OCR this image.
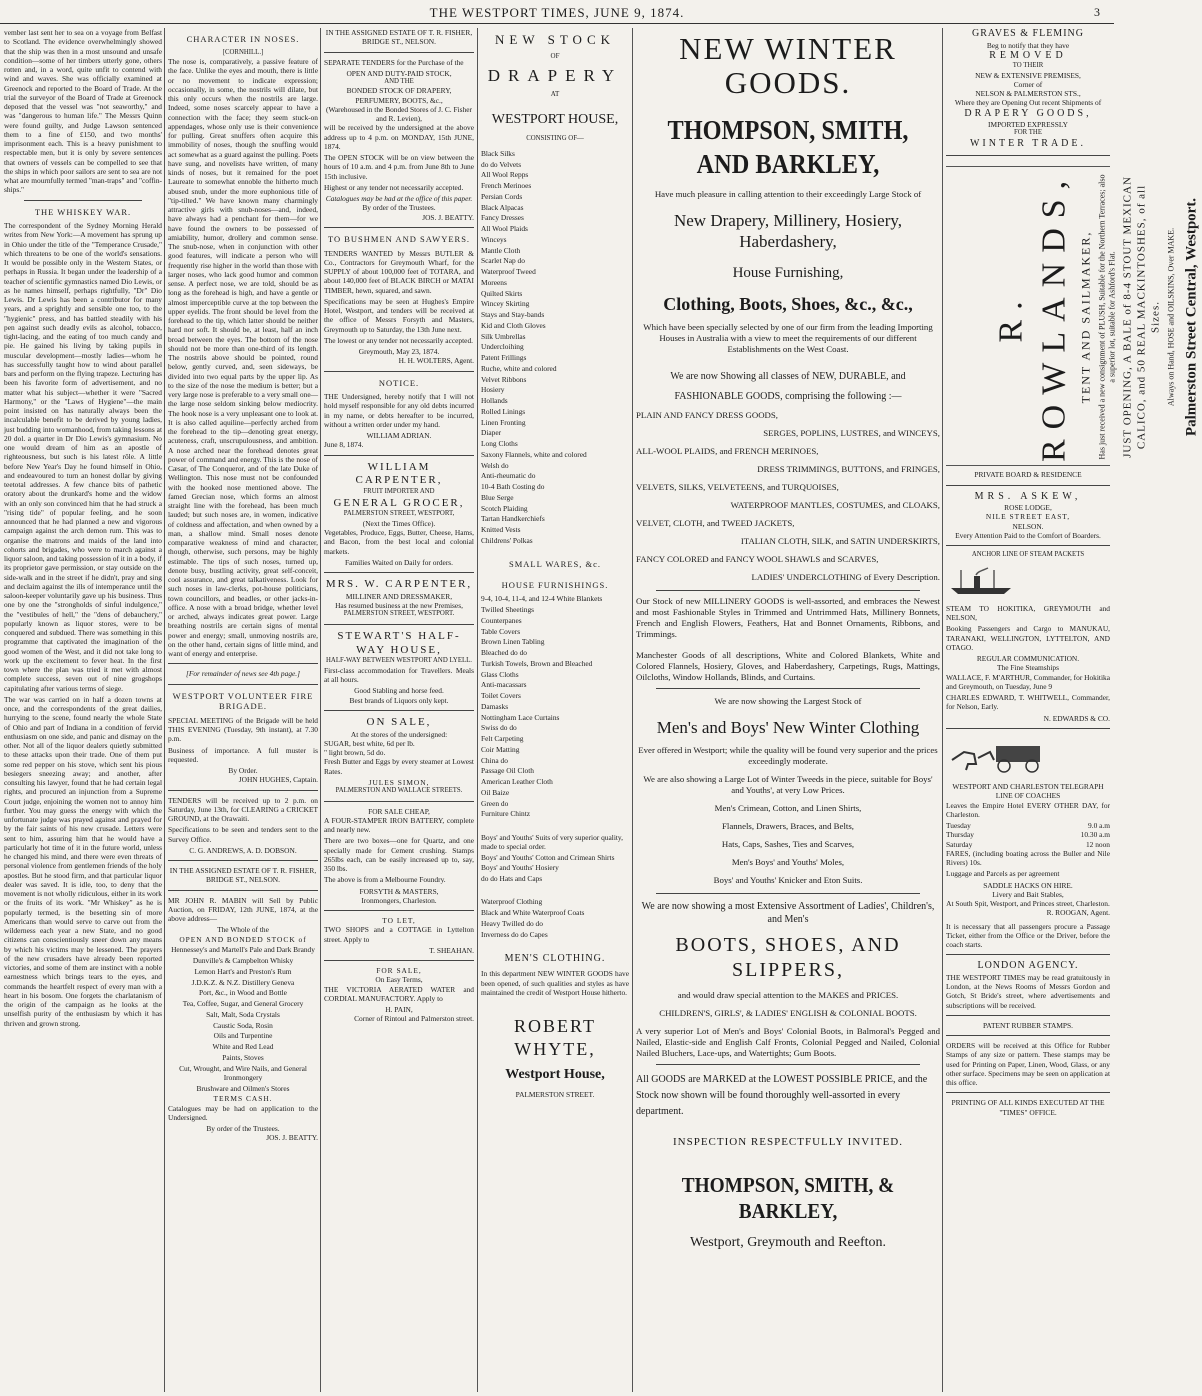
THE WESTPORT TIMES, JUNE 9, 1874.	3

vember last sent her to sea on a voyage from Belfast to Scotland. The evidence overwhelmingly showed that the ship was then in a most unsound and unsafe condition—some of her timbers utterly gone, others rotten and, in a word, quite unfit to contend with wind and waves. She was officially examined at Greenock and reported to the Board of Trade. At the trial the surveyor of the Board of Trade at Greenock deposed that the vessel was "not seaworthy," and was "dangerous to human life." The Messrs Quinn were found guilty, and Judge Lawson sentenced them to a fine of £150, and two months' imprisonment each. This is a heavy punishment to respectable men, but it is only by severe sentences that owners of vessels can be compelled to see that the ships in which poor sailors are sent to sea are not what are mournfully termed "man-traps" and "coffin-ships."

THE WHISKEY WAR.

The correspondent of the Sydney Morning Herald writes from New York:—A movement has sprung up in Ohio under the title of the "Temperance Crusade," which threatens to be one of the world's sensations. It would be possible only in the Western States, or perhaps in Russia. It began under the leadership of a teacher of scientific gymnastics named Dio Lewis, or as he names himself, perhaps rightfully, "Dr" Dio Lewis. Dr Lewis has been a contributor for many years, and a sprightly and sensible one too, to the "hygienic" press, and has battled steadily with his pen against such deadly evils as alcohol, tobacco, tight-lacing, and the eating of too much candy and pie. He gained his living by taking pupils in muscular development—mostly ladies—whom he has successfully taught how to wind about parallel bars and perform on the flying trapeze. Lecturing has been his favorite form of advertisement, and no matter what his subject—whether it were "Sacred Harmony," or the "Laws of Hygiene"—the main point insisted on has naturally always been the incalculable benefit to be derived by young ladies, just budding into womanhood, from taking lessons at 20 dol. a quarter in Dr Dio Lewis's gymnasium. No one would dream of him as an apostle of righteousness, but such is his latest rôle. A little before New Year's Day he found himself in Ohio, and endeavoured to turn an honest dollar by giving teetotal addresses. A few chance bits of pathetic oratory about the drunkard's home and the widow with an only son convinced him that he had struck a "rising tide" of popular feeling, and he soon announced that he had planned a new and vigorous campaign against the arch demon rum. This was to organise the matrons and maids of the land into cohorts and brigades, who were to march against a liquor saloon, and taking possession of it in a body, if its proprietor gave permission, or stay outside on the side-walk and in the street if he didn't, pray and sing and declaim against the ills of intemperance until the saloon-keeper voluntarily gave up his business. Thus one by one the "strongholds of sinful indulgence," the "vestibules of hell," the "dens of debauchery," popularly known as liquor stores, were to be conquered and subdued. There was something in this programme that captivated the imagination of the good women of the West, and it did not take long to work up the excitement to fever heat. In the first town where the plan was tried it met with almost complete success, seven out of nine grogshops capitulating after various terms of siege.

The war was carried on in half a dozen towns at once, and the correspondents of the great dailies, hurrying to the scene, found nearly the whole State of Ohio and part of Indiana in a condition of fervid enthusiasm on one side, and panic and dismay on the other. Not all of the liquor dealers quietly submitted to these attacks upon their trade. One of them put some red pepper on his stove, which sent his pious besiegers sneezing away; and another, after consulting his lawyer, found that he had certain legal rights, and procured an injunction from a Supreme Court judge, enjoining the women not to annoy him further. You may guess the energy with which the unfortunate judge was prayed against and prayed for by the fair saints of his new crusade. Letters were sent to him, assuring him that he would have a particularly hot time of it in the future world, unless he changed his mind, and there were even threats of personal violence from gentlemen friends of the holy apostles. But he stood firm, and that particular liquor dealer was saved. It is idle, too, to deny that the movement is not wholly ridiculous, either in its work or the fruits of its work. "Mr Whiskey" as he is popularly termed, is the besetting sin of more Americans than would serve to carve out from the wilderness each year a new State, and no good citizens can conscientiously sneer down any means by which his victims may be lessened. The prayers of the new crusaders have already been reported victories, and some of them are instinct with a noble earnestness which brings tears to the eyes, and commands the heartfelt respect of every man with a heart in his bosom. One forgets the charlatanism of the origin of the campaign as he looks at the unselfish purity of the enthusiasm by which it has thriven and grown strong.

CHARACTER IN NOSES.
[CORNHILL.]

The nose is, comparatively, a passive feature of the face. Unlike the eyes and mouth, there is little or no movement to indicate expression; occasionally, in some, the nostrils will dilate, but this only occurs when the nostrils are large. Indeed, some noses scarcely appear to have a connection with the face; they seem stuck-on appendages, whose only use is their convenience for pulling. Great snuffers often acquire this immobility of noses, though the snuffing would act somewhat as a guard against the pulling. Poets have sung, and novelists have written, of many kinds of noses, but it remained for the poet Laureate to somewhat ennoble the hitherto much abused snub, under the more euphonious title of "tip-tilted." We have known many charmingly attractive girls with snub-noses—and, indeed, have always had a penchant for them—for we have found the owners to be possessed of amiability, humor, drollery and common sense. The snub-nose, when in conjunction with other good features, will indicate a person who will frequently rise higher in the world than those with larger noses, who lack good humor and common sense. A perfect nose, we are told, should be as long as the forehead is high, and have a gentle or almost imperceptible curve at the top between the upper eyelids. The front should be level from the forehead to the tip, which latter should be neither hard nor soft. It should be, at least, half an inch broad between the eyes. The bottom of the nose should not be more than one-third of its length. The nostrils above should be pointed, round below, gently curved, and, seen sideways, be divided into two equal parts by the upper lip. As to the size of the nose the medium is better; but a very large nose is preferable to a very small one—the large nose seldom sinking below mediocrity. The hook nose is a very unpleasant one to look at. It is also called aquiline—perfectly arched from the forehead to the tip—denoting great energy, acuteness, craft, unscrupulousness, and ambition. A nose arched near the forehead denotes great power of command and energy. This is the nose of Cæsar, of The Conqueror, and of the late Duke of Wellington. This nose must not be confounded with the hooked nose mentioned above. The famed Grecian nose, which forms an almost straight line with the forehead, has been much lauded; but such noses are, in women, indicative of coldness and affectation, and when owned by a man, a shallow mind. Small noses denote comparative weakness of mind and character, though, otherwise, such persons, may be highly estimable. The tips of such noses, turned up, denote busy, bustling activity, great self-conceit, cool assurance, and great talkativeness. Look for such noses in law-clerks, pot-house politicians, town councillors, and beadles, or other jacks-in-office. A nose with a broad bridge, whether level or arched, always indicates great power. Large breathing nostrils are certain signs of mental power and energy; small, unmoving nostrils are, on the other hand, certain signs of little mind, and want of energy and enterprise.

[For remainder of news see 4th page.]
WESTPORT VOLUNTEER FIRE BRIGADE.

SPECIAL MEETING of the Brigade will be held THIS EVENING (Tuesday, 9th instant), at 7.30 p.m.

Business of importance. A full muster is requested.

By Order.
JOHN HUGHES, Captain.

TENDERS will be received up to 2 p.m. on Saturday, June 13th, for CLEARING a CRICKET GROUND, at the Orawaiti.

Specifications to be seen and tenders sent to the Survey Office.

C. G. ANDREWS, A. D. DOBSON.
IN THE ASSIGNED ESTATE OF T. R. FISHER, BRIDGE ST., NELSON.

MR JOHN R. MABIN will Sell by Public Auction, on FRIDAY, 12th JUNE, 1874, at the above address—

The Whole of the
OPEN AND BONDED STOCK of
Hennessey's and Martell's Pale and Dark Brandy
Dunville's & Campbelton Whisky
Lemon Hart's and Preston's Rum
J.D.K.Z. & N.Z. Distillery Geneva
Port, &c., in Wood and Bottle
Tea, Coffee, Sugar, and General Grocery
Salt, Malt, Soda Crystals
Caustic Soda, Rosin
Oils and Turpentine
White and Red Lead
Paints, Stoves
Cut, Wrought, and Wire Nails, and General Ironmongery
Brushware and Oilmen's Stores
TERMS CASH.

Catalogues may be had on application to the Undersigned.

By order of the Trustees.
JOS. J. BEATTY.
IN THE ASSIGNED ESTATE OF T. R. FISHER, BRIDGE ST., NELSON.

SEPARATE TENDERS for the Purchase of the

OPEN AND DUTY-PAID STOCK,
AND THE
BONDED STOCK OF DRAPERY, PERFUMERY, BOOTS, &c.,
(Warehoused in the Bonded Stores of J. C. Fisher and R. Levien),

will be received by the undersigned at the above address up to 4 p.m. on MONDAY, 15th JUNE, 1874.

The OPEN STOCK will be on view between the hours of 10 a.m. and 4 p.m. from June 8th to June 15th inclusive.

Highest or any tender not necessarily accepted.

Catalogues may be had at the office of this paper.
By order of the Trustees.
JOS. J. BEATTY.
TO BUSHMEN AND SAWYERS.

TENDERS WANTED by Messrs BUTLER & Co., Contractors for Greymouth Wharf, for the SUPPLY of about 100,000 feet of TOTARA, and about 140,000 feet of BLACK BIRCH or MATAI TIMBER, hewn, squared, and sawn.

Specifications may be seen at Hughes's Empire Hotel, Westport, and tenders will be received at the office of Messrs Forsyth and Masters, Greymouth up to Saturday, the 13th June next.

The lowest or any tender not necessarily accepted.

Greymouth, May 23, 1874.
H. H. WOLTERS, Agent.
NOTICE.

THE Undersigned, hereby notify that I will not hold myself responsible for any old debts incurred in my name, or debts hereafter to be incurred, without a written order under my hand.

WILLIAM ADRIAN.
June 8, 1874.
WILLIAM CARPENTER,
FRUIT IMPORTER AND
GENERAL GROCER,
PALMERSTON STREET, WESTPORT,
(Next the Times Office).

Vegetables, Produce, Eggs, Butter, Cheese, Hams, and Bacon, from the best local and colonial markets.

Families Waited on Daily for orders.
MRS. W. CARPENTER,
MILLINER AND DRESSMAKER,
Has resumed business at the new Premises,
PALMERSTON STREET, WESTPORT.
STEWART'S HALF-WAY HOUSE,
HALF-WAY BETWEEN WESTPORT AND LYELL.

First-class accommodation for Travellers. Meals at all hours.

Good Stabling and horse feed.
Best brands of Liquors only kept.
ON SALE,
At the stores of the undersigned:
SUGAR, best white, 6d per lb.
" light brown, 5d do.

Fresh Butter and Eggs by every steamer at Lowest Rates.

JULES SIMON,
PALMERSTON AND WALLACE STREETS.
FOR SALE CHEAP,

A FOUR-STAMPER IRON BATTERY, complete and nearly new.

There are two boxes—one for Quartz, and one specially made for Cement crushing. Stamps 265lbs each, can be easily increased up to, say, 350 lbs.

The above is from a Melbourne Foundry.

FORSYTH & MASTERS,
Ironmongers, Charleston.
TO LET,

TWO SHOPS and a COTTAGE in Lyttelton street. Apply to

T. SHEAHAN.
FOR SALE,
On Easy Terms,

THE VICTORIA AERATED WATER and CORDIAL MANUFACTORY. Apply to

H. PAIN,
Corner of Rintoul and Palmerston street.
NEW STOCK
OF
DRAPERY
AT
WESTPORT HOUSE,
CONSISTING OF—
Black Silks
do do Velvets
All Wool Repps
French Merinoes
Persian Cords
Black Alpacas
Fancy Dresses
All Wool Plaids
Winceys
Mantle Cloth
Scarlet Nap do
Waterproof Tweed
Moreens
Quilted Skirts
Wincey Skirting
Stays and Stay-bands
Kid and Cloth Gloves
Silk Umbrellas
Undercloihing
Patent Frillings
Ruche, white and colored
Velvet Ribbons
Hosiery
Hollands
Rolled Linings
Linen Fronting
Diaper
Long Cloths
Saxony Flannels, white and colored
Welsh do
Anti-rheumatic do
10-4 Bath Costing do
Blue Serge
Scotch Plaiding
Tartan Handkerchiefs
Knitted Vests
Childrens' Polkas
SMALL WARES, &c.
HOUSE FURNISHINGS.
9-4, 10-4, 11-4, and 12-4 White Blankets
Twilled Sheetings
Counterpanes
Table Covers
Brown Linen Tabling
Bleached do do
Turkish Towels, Brown and Bleached
Glass Cloths
Anti-macassars
Toilet Covers
Damasks
Nottingham Lace Curtains
Swiss do do
Felt Carpeting
Coir Matting
China do
Passage Oil Cloth
American Leather Cloth
Oil Baize
Green do
Furniture Chintz
Boys' and Youths' Suits of very superior quality, made to special order.
Boys' and Youths' Cotton and Crimean Shirts
Boys' and Youths' Hosiery
do do Hats and Caps
Waterproof Clothing
Black and White Waterproof Coats
Heavy Twilled do do
Inverness do do Capes
MEN'S CLOTHING.

In this department NEW WINTER GOODS have been opened, of such qualities and styles as have maintained the credit of Westport House hitherto.

ROBERT WHYTE,
Westport House,
PALMERSTON STREET.
NEW WINTER GOODS.
THOMPSON, SMITH, AND BARKLEY,
Have much pleasure in calling attention to their exceedingly Large Stock of
New Drapery, Millinery, Hosiery, Haberdashery,
House Furnishing,
Clothing, Boots, Shoes, &c., &c.,
Which have been specially selected by one of our firm from the leading Importing Houses in Australia with a view to meet the requirements of our different Establishments on the West Coast.
We are now Showing all classes of NEW, DURABLE, and
FASHIONABLE GOODS, comprising the following :—
PLAIN AND FANCY DRESS GOODS,
SERGES, POPLINS, LUSTRES, and WINCEYS,
ALL-WOOL PLAIDS, and FRENCH MERINOES,
DRESS TRIMMINGS, BUTTONS, and FRINGES,
VELVETS, SILKS, VELVETEENS, and TURQUOISES,
WATERPROOF MANTLES, COSTUMES, and CLOAKS,
VELVET, CLOTH, and TWEED JACKETS,
ITALIAN CLOTH, SILK, and SATIN UNDERSKIRTS,
FANCY COLORED and FANCY WOOL SHAWLS and SCARVES,
LADIES' UNDERCLOTHING of Every Description.

Our Stock of new MILLINERY GOODS is well-assorted, and embraces the Newest and most Fashionable Styles in Trimmed and Untrimmed Hats, Millinery Bonnets, French and English Flowers, Feathers, Hat and Bonnet Ornaments, Ribbons, and Trimmings.

Manchester Goods of all descriptions, White and Colored Blankets, White and Colored Flannels, Hosiery, Gloves, and Haberdashery, Carpetings, Rugs, Mattings, Oilcloths, Window Hollands, Blinds, and Curtains.

We are now showing the Largest Stock of
Men's and Boys' New Winter Clothing
Ever offered in Westport; while the quality will be found very superior and the prices exceedingly moderate.
We are also showing a Large Lot of Winter Tweeds in the piece, suitable for Boys' and Youths', at very Low Prices.
Men's Crimean, Cotton, and Linen Shirts,
Flannels, Drawers, Braces, and Belts,
Hats, Caps, Sashes, Ties and Scarves,
Men's Boys' and Youths' Moles,
Boys' and Youths' Knicker and Eton Suits.
We are now showing a most Extensive Assortment of Ladies', Children's, and Men's
BOOTS, SHOES, AND SLIPPERS,
and would draw special attention to the MAKES and PRICES.
CHILDREN'S, GIRLS', & LADIES' ENGLISH & COLONIAL BOOTS.

A very superior Lot of Men's and Boys' Colonial Boots, in Balmoral's Pegged and Nailed, Elastic-side and English Calf Fronts, Colonial Pegged and Nailed, Colonial Nailed Bluchers, Lace-ups, and Watertights; Gum Boots.

All GOODS are MARKED at the LOWEST POSSIBLE PRICE, and the Stock now shown will be found thoroughly well-assorted in every department.
INSPECTION RESPECTFULLY INVITED.
THOMPSON, SMITH, & BARKLEY,
Westport, Greymouth and Reefton.
GRAVES & FLEMING
Beg to notify that they have
REMOVED
TO THEIR
NEW & EXTENSIVE PREMISES,
Corner of
NELSON & PALMERSTON STS.,
Where they are Opening Out recent Shipments of
DRAPERY GOODS,
IMPORTED EXPRESSLY
FOR THE
WINTER TRADE.
R. ROWLANDS, TENT AND SAILMAKER, Has just received a new consignment of PLUSH, Suitable for the Northern Terraces; also a superior lot, suitable for Ashford's Flat. JUST OPENING, A BALE of 8-4 STOUT MEXICAN CALICO, and 50 REAL MACKINTOSHES, of all Sizes. Always on Hand, HOSE and OILSKINS, Over MAKE. Palmerston Street Central, Westport.
PRIVATE BOARD & RESIDENCE
MRS. ASKEW,
ROSE LODGE,
NILE STREET EAST,
NELSON.
Every Attention Paid to the Comfort of Boarders.
ANCHOR LINE OF STEAM PACKETS

STEAM TO HOKITIKA, GREYMOUTH and NELSON,

Booking Passengers and Cargo to MANUKAU, TARANAKI, WELLINGTON, LYTTELTON, AND OTAGO.

REGULAR COMMUNICATION.
The Fine Steamships

WALLACE, F. M'ARTHUR, Commander, for Hokitika and Greymouth, on Tuesday, June 9

CHARLES EDWARD, T. WHITWELL, Commander, for Nelson, Early.

N. EDWARDS & CO.
WESTPORT AND CHARLESTON TELEGRAPH LINE OF COACHES

Leaves the Empire Hotel EVERY OTHER DAY, for Charleston.

Tuesday	9.0 a.m
Thursday	10.30 a.m
Saturday	12 noon

FARES, (including boating across the Buller and Nile Rivers) 10s.

Luggage and Parcels as per agreement

SADDLE HACKS ON HIRE.
Livery and Bait Stables,
At South Spit, Westport, and Princes street, Charleston.
R. ROOGAN, Agent.

It is necessary that all passengers procure a Passage Ticket, either from the Office or the Driver, before the coach starts.

LONDON AGENCY.

THE WESTPORT TIMES may be read gratuitously in London, at the News Rooms of Messrs Gordon and Gotch, St Bride's street, where advertisements and subscriptions will be received.

PATENT RUBBER STAMPS.

ORDERS will be received at this Office for Rubber Stamps of any size or pattern. These stamps may be used for Printing on Paper, Linen, Wood, Glass, or any other surface. Specimens may be seen on application at this office.

PRINTING OF ALL KINDS EXECUTED AT THE "TIMES" OFFICE.
